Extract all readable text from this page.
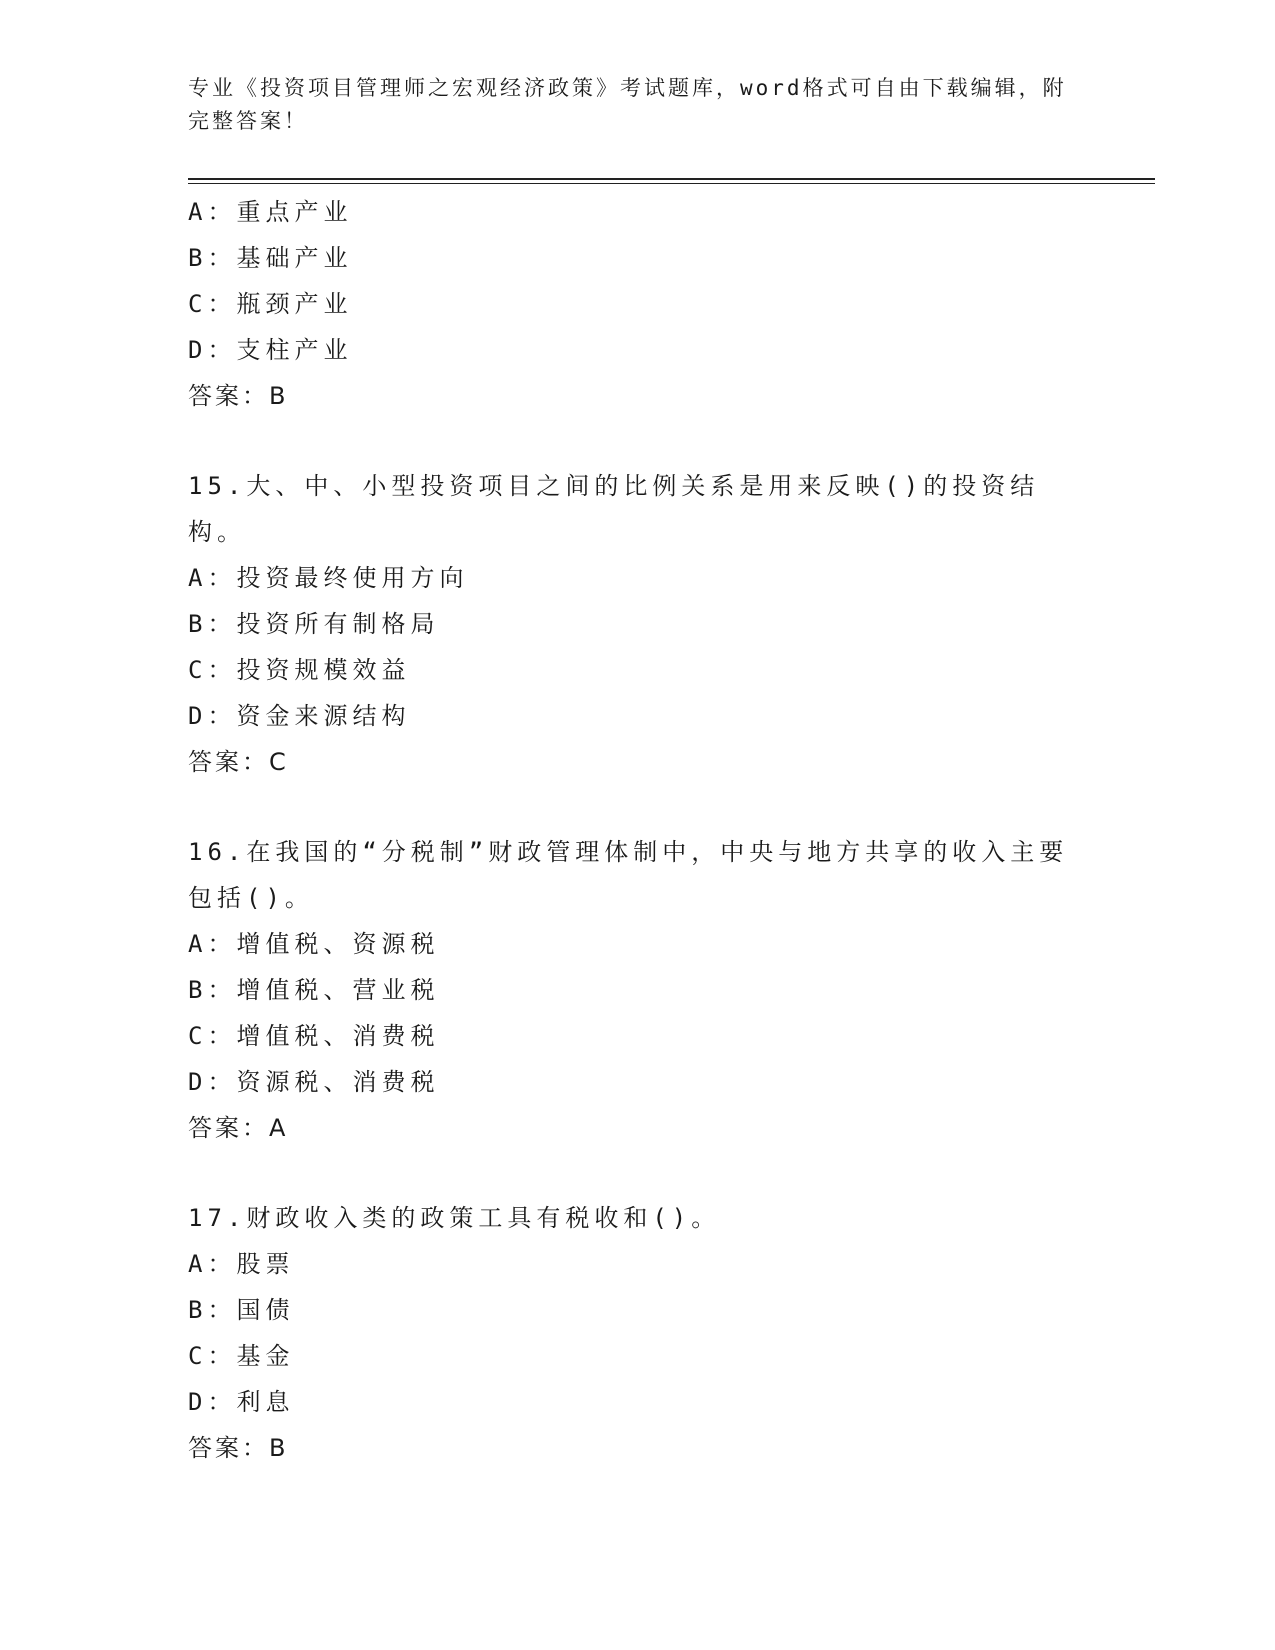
专业《投资项目管理师之宏观经济政策》考试题库，word格式可自由下载编辑，附完整答案！
A：重点产业
B：基础产业
C：瓶颈产业
D：支柱产业
答案：B
15.大、中、小型投资项目之间的比例关系是用来反映()的投资结构。
A：投资最终使用方向
B：投资所有制格局
C：投资规模效益
D：资金来源结构
答案：C
16.在我国的“分税制”财政管理体制中，中央与地方共享的收入主要包括()。
A：增值税、资源税
B：增值税、营业税
C：增值税、消费税
D：资源税、消费税
答案：A
17.财政收入类的政策工具有税收和()。
A：股票
B：国债
C：基金
D：利息
答案：B
